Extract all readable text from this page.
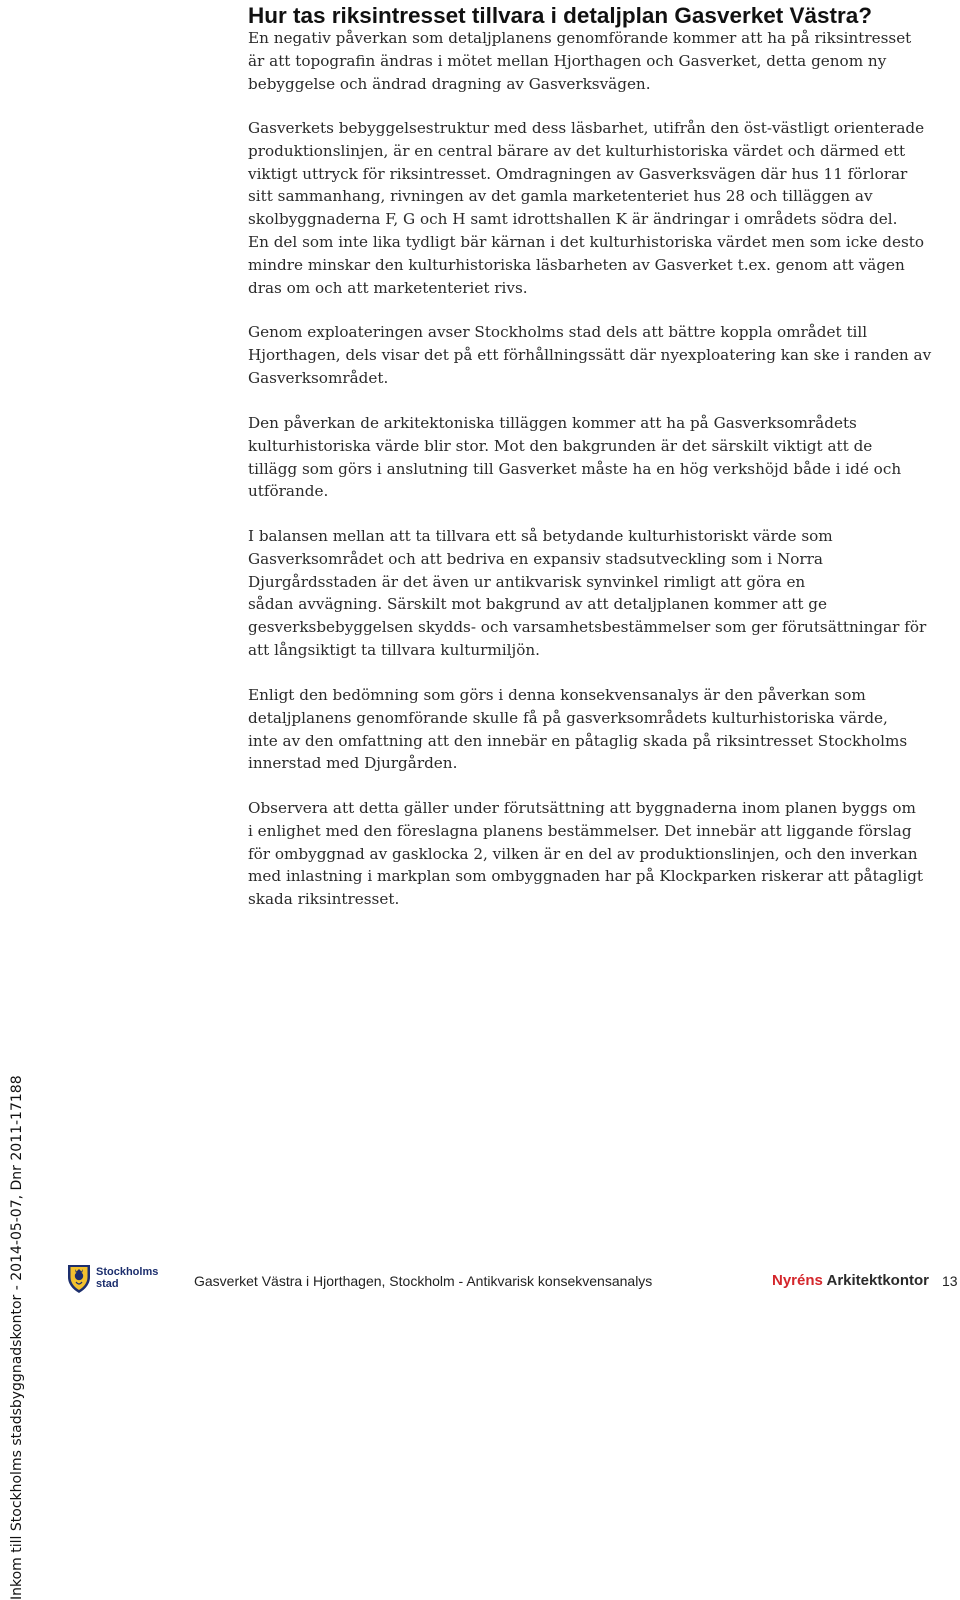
Hur tas riksintresset tillvara i detaljplan Gasverket Västra?

En negativ påverkan som detaljplanens genomförande kommer att ha på riksintresset
är att topografin ändras i mötet mellan Hjorthagen och Gasverket, detta genom ny
bebyggelse och ändrad dragning av Gasverksvägen.

Gasverkets bebyggelsestruktur med dess läsbarhet, utifrån den öst-västligt orienterade
produktionslinjen, är en central bärare av det kulturhistoriska värdet och därmed ett
viktigt uttryck för riksintresset. Omdragningen av Gasverksvägen där hus 11 förlorar
sitt sammanhang, rivningen av det gamla marketenteriet hus 28 och tilläggen av
skolbyggnaderna F, G och H samt idrottshallen K är ändringar i områdets södra del.
En del som inte lika tydligt bär kärnan i det kulturhistoriska värdet men som icke desto
mindre minskar den kulturhistoriska läsbarheten av Gasverket t.ex. genom att vägen
dras om och att marketenteriet rivs.

Genom exploateringen avser Stockholms stad dels att bättre koppla området till
Hjorthagen, dels visar det på ett förhållningssätt där nyexploatering kan ske i randen av
Gasverksområdet.

Den påverkan de arkitektoniska tilläggen kommer att ha på Gasverksområdets
kulturhistoriska värde blir stor. Mot den bakgrunden är det särskilt viktigt att de
tillägg som görs i anslutning till Gasverket måste ha en hög verkshöjd både i idé och
utförande.

I balansen mellan att ta tillvara ett så betydande kulturhistoriskt värde som
Gasverksområdet och att bedriva en expansiv stadsutveckling som i Norra
Djurgårdsstaden är det även ur antikvarisk synvinkel rimligt att göra en
sådan avvägning. Särskilt mot bakgrund av att detaljplanen kommer att ge
gesverksbebyggelsen skydds- och varsamhetsbestämmelser som ger förutsättningar för
att långsiktigt ta tillvara kulturmiljön.

Enligt den bedömning som görs i denna konsekvensanalys är den påverkan som
detaljplanens genomförande skulle få på gasverksområdets kulturhistoriska värde,
inte av den omfattning att den innebär en påtaglig skada på riksintresset Stockholms
innerstad med Djurgården.

Observera att detta gäller under förutsättning att byggnaderna inom planen byggs om
i enlighet med den föreslagna planens bestämmelser. Det innebär att liggande förslag
för ombyggnad av gasklocka 2, vilken är en del av produktionslinjen, och den inverkan
med inlastning i markplan som ombyggnaden har på Klockparken riskerar att påtagligt
skada riksintresset.

Inkom till Stockholms stadsbyggnadskontor - 2014-05-07, Dnr 2011-17188	Stockholms
stad	Gasverket Västra i Hjorthagen, Stockholm - Antikvarisk konsekvensanalys	Nyréns Arkitektkontor 13
